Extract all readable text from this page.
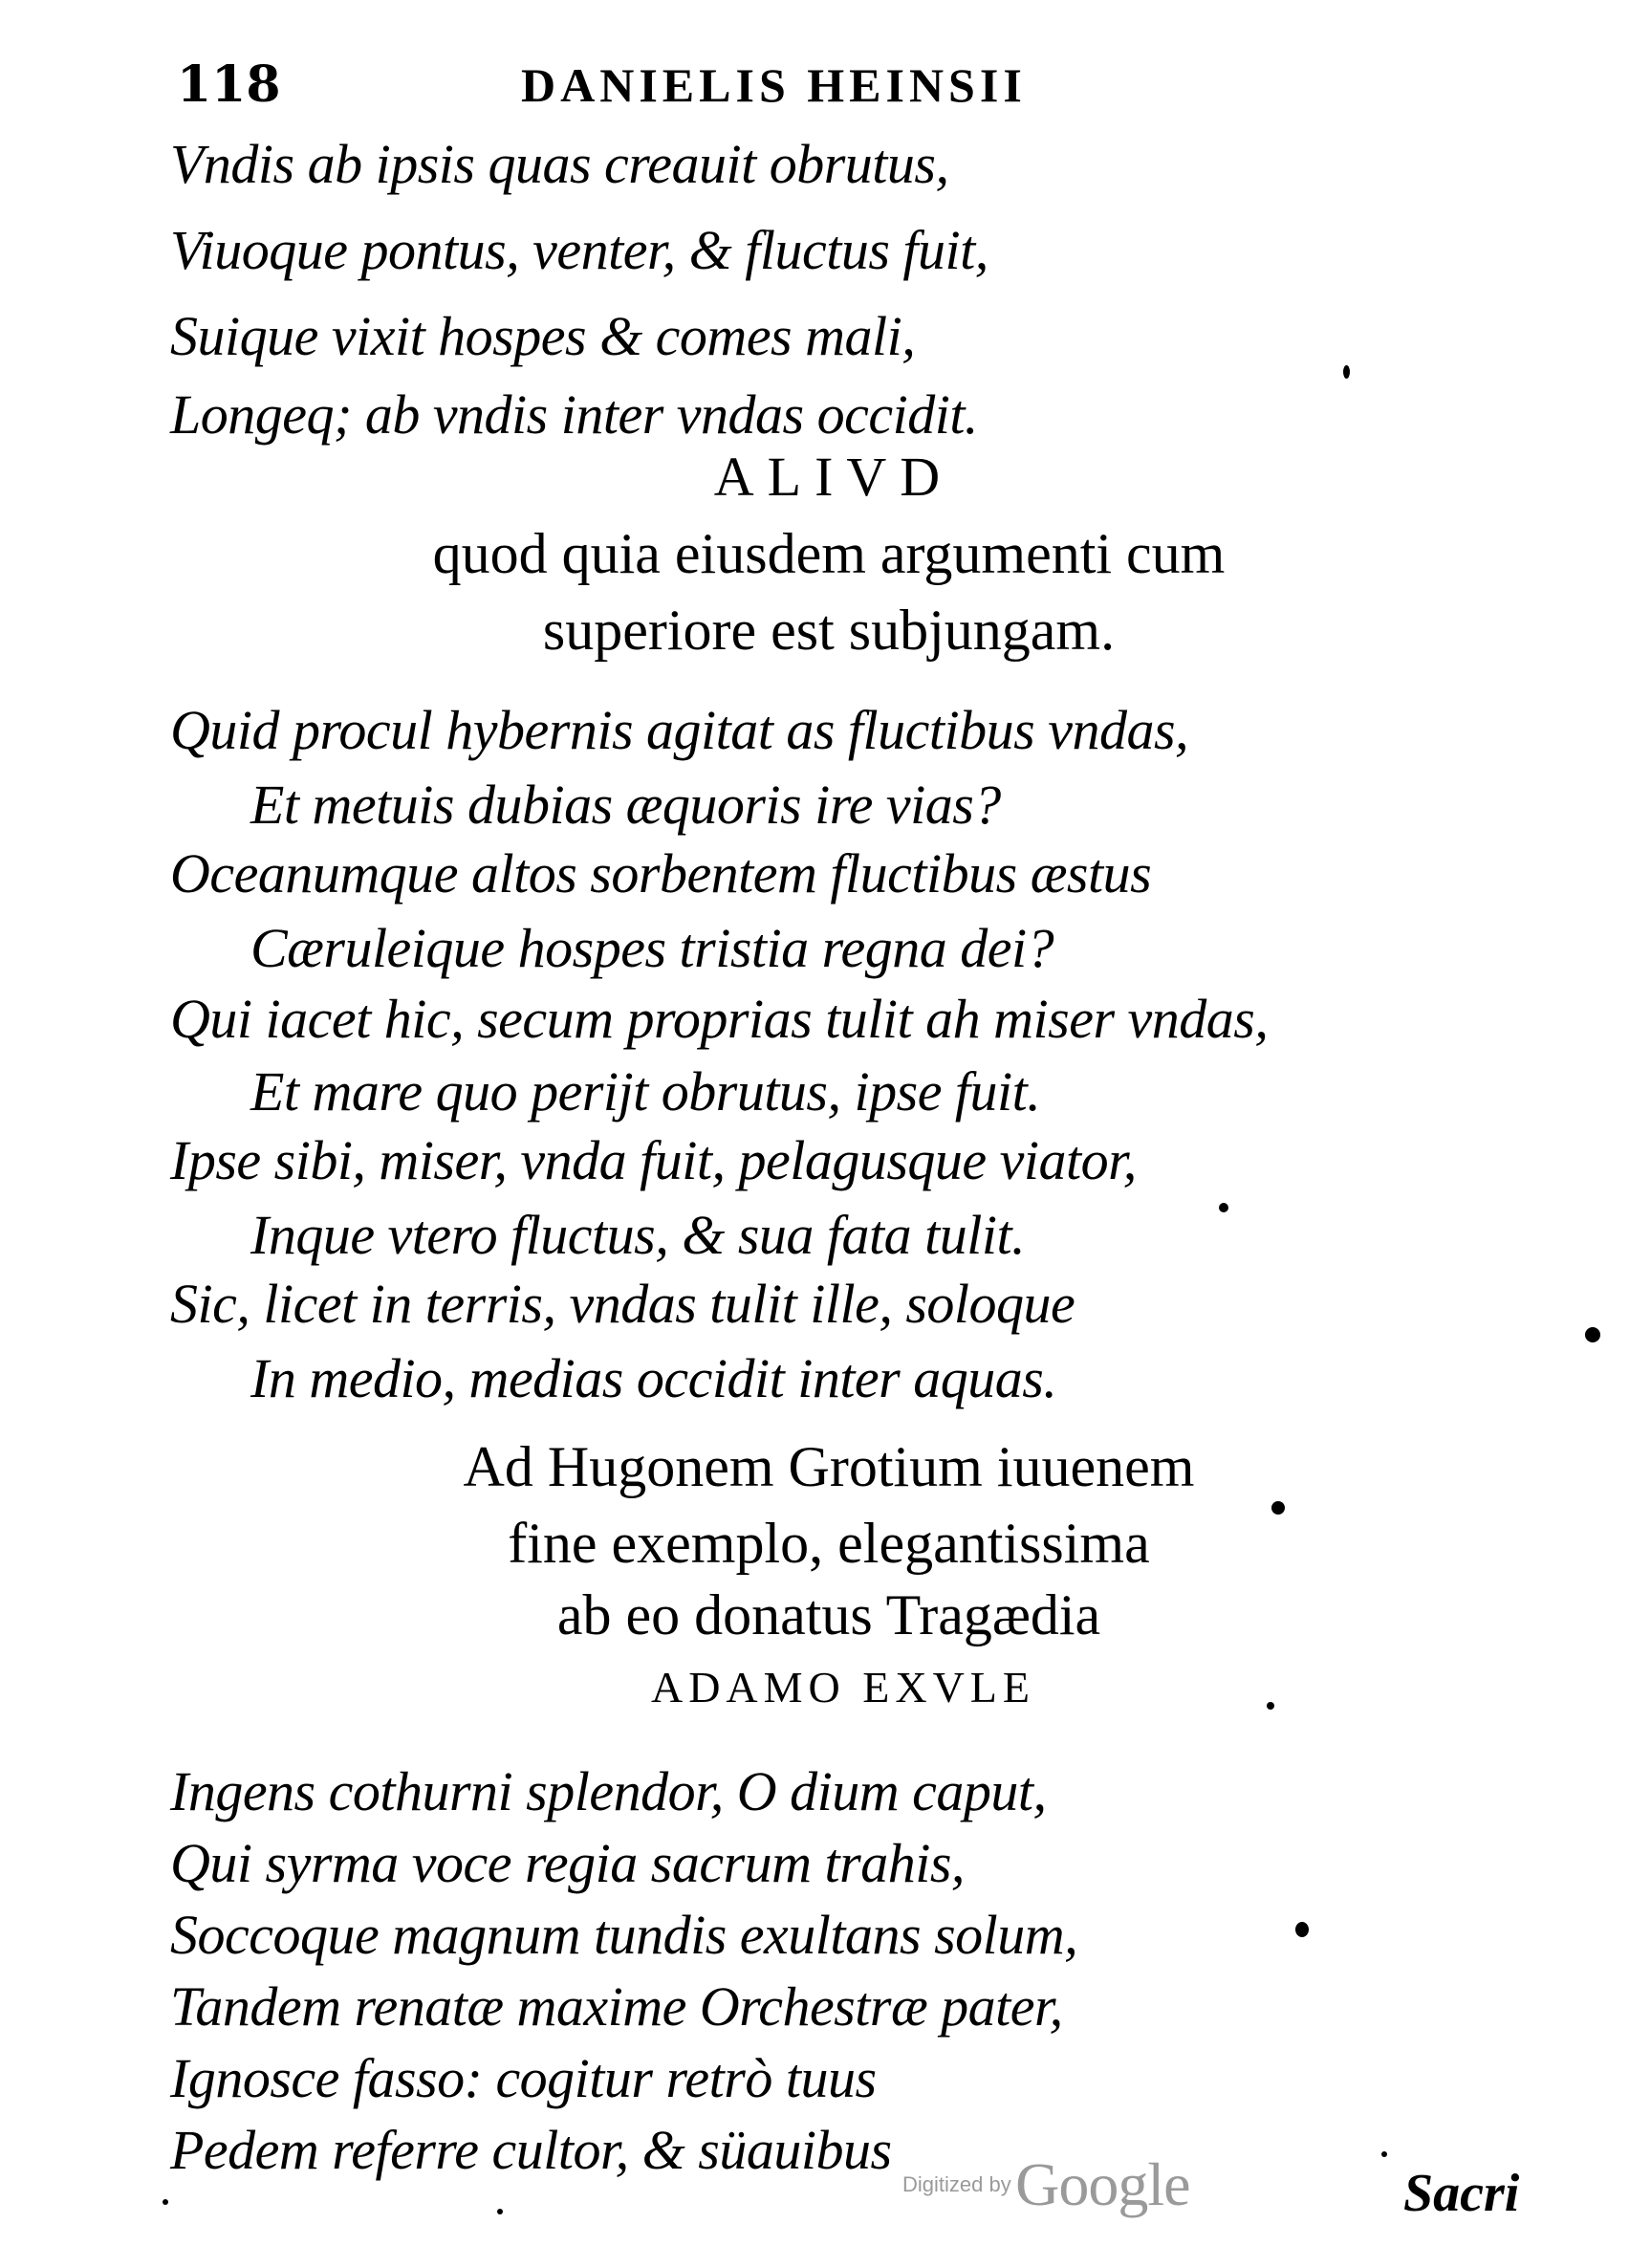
118	DANIELIS HEINSII
Vndis ab ipsis quas creauit obrutus,
Viuoque pontus, venter, & fluctus fuit,
Suique vixit hospes & comes mali,
Longeq; ab vndis inter vndas occidit.
ALIVD
quod quia eiusdem argumenti cum
superiore est subjungam.
Quid procul hybernis agitat as fluctibus vndas,
Et metuis dubias æquoris ire vias?
Oceanumque altos sorbentem fluctibus æstus
Cæruleique hospes tristia regna dei?
Qui iacet hic, secum proprias tulit ah miser vndas,
Et mare quo perijt obrutus, ipse fuit.
Ipse sibi, miser, vnda fuit, pelagusque viator,
Inque vtero fluctus, & sua fata tulit.
Sic, licet in terris, vndas tulit ille, soloque
In medio, medias occidit inter aquas.
Ad Hugonem Grotium iuuenem
fine exemplo, elegantissima
ab eo donatus Tragædia
ADAMO EXVLE
Ingens cothurni splendor, O dium caput,
Qui syrma voce regia sacrum trahis,
Soccoque magnum tundis exultans solum,
Tandem renatæ maxime Orchestræ pater,
Ignosce fasso: cogitur retrò tuus
Pedem referre cultor, & süauibus
Digitized by Google	Sacri
